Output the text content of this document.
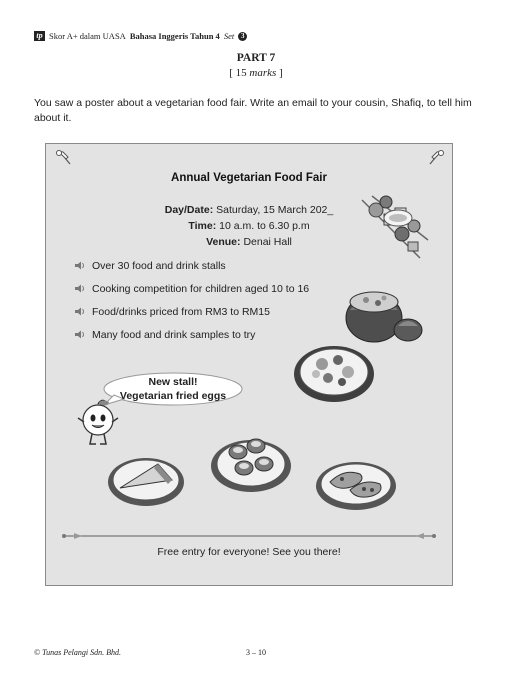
tp Skor A+ dalam UASA Bahasa Inggeris Tahun 4 Set 3
PART 7
[ 15 marks ]
You saw a poster about a vegetarian food fair. Write an email to your cousin, Shafiq, to tell him about it.
Annual Vegetarian Food Fair
Day/Date: Saturday, 15 March 202_
Time: 10 a.m. to 6.30 p.m
Venue: Denai Hall
Over 30 food and drink stalls
Cooking competition for children aged 10 to 16
Food/drinks priced from RM3 to RM15
Many food and drink samples to try
New stall!
Vegetarian fried eggs
Free entry for everyone! See you there!
© Tunas Pelangi Sdn. Bhd.	3 – 10
